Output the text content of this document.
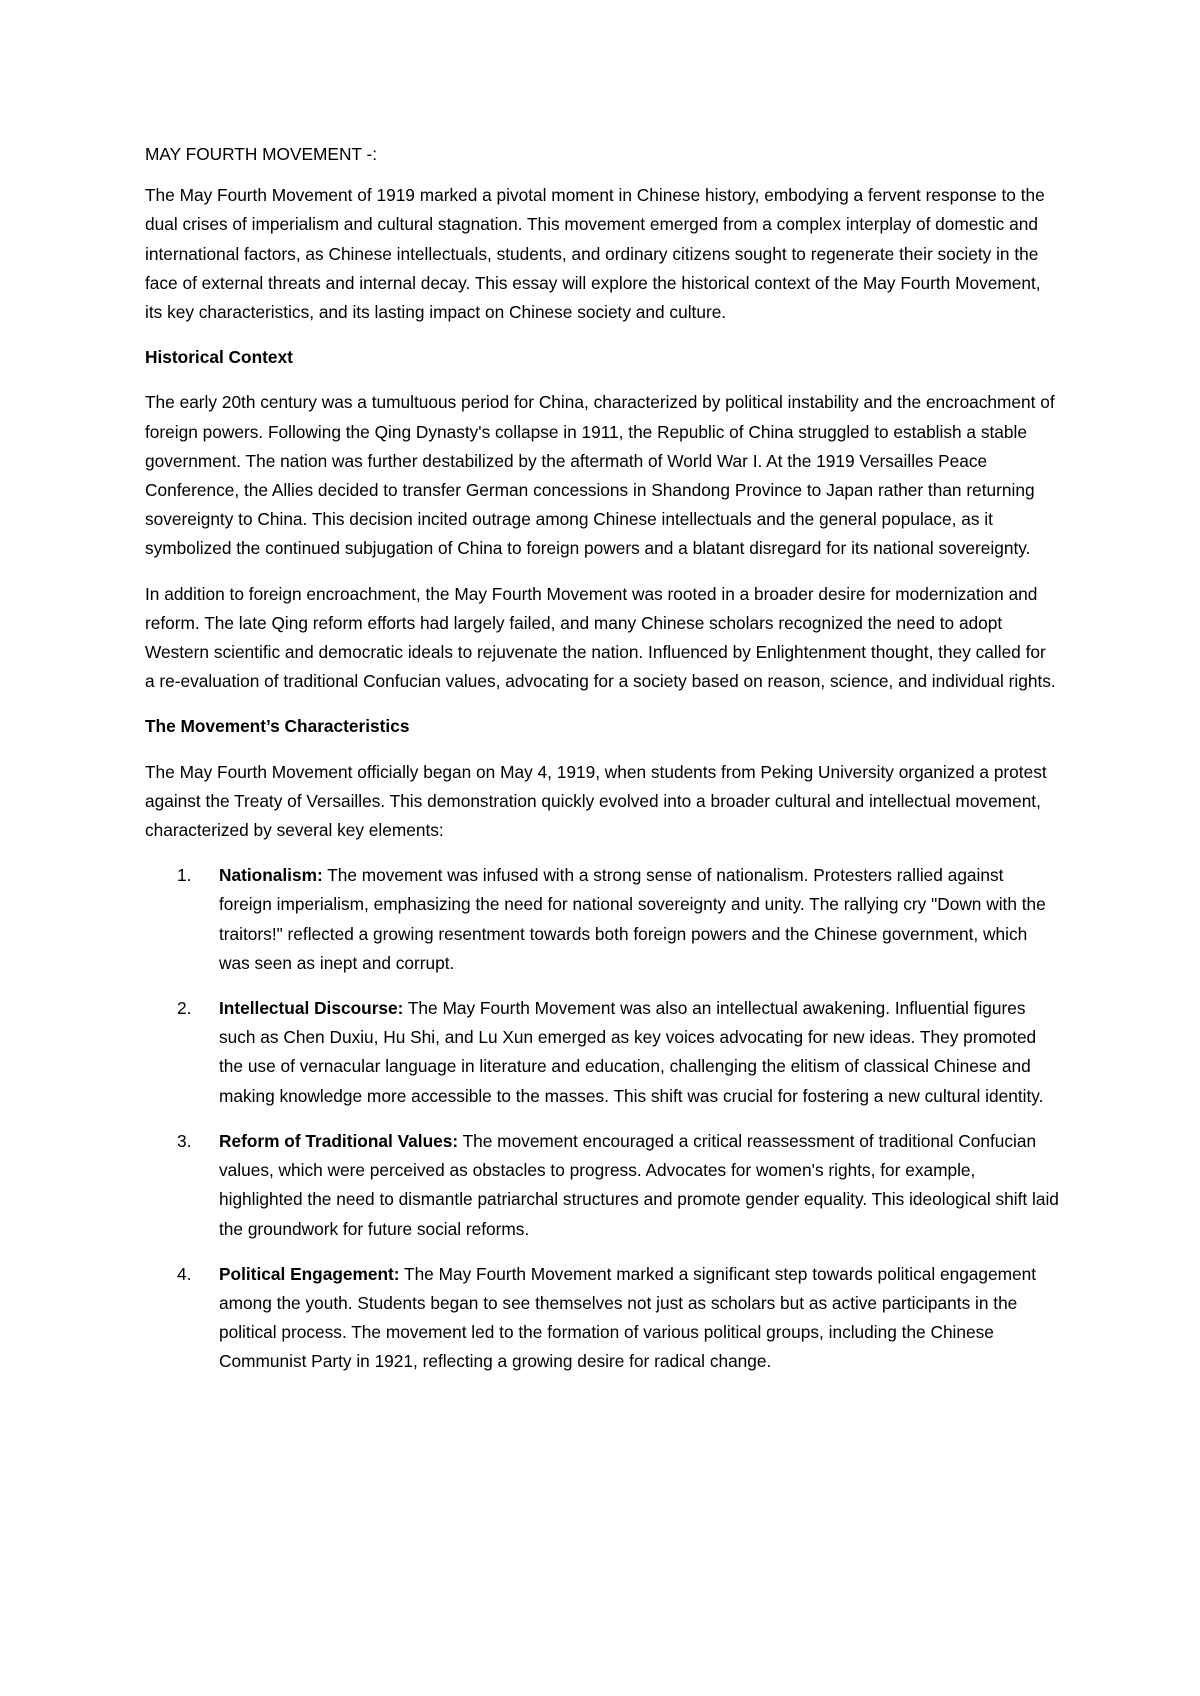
MAY FOURTH MOVEMENT -:

The May Fourth Movement of 1919 marked a pivotal moment in Chinese history, embodying a fervent response to the dual crises of imperialism and cultural stagnation. This movement emerged from a complex interplay of domestic and international factors, as Chinese intellectuals, students, and ordinary citizens sought to regenerate their society in the face of external threats and internal decay. This essay will explore the historical context of the May Fourth Movement, its key characteristics, and its lasting impact on Chinese society and culture.

Historical Context

The early 20th century was a tumultuous period for China, characterized by political instability and the encroachment of foreign powers. Following the Qing Dynasty's collapse in 1911, the Republic of China struggled to establish a stable government. The nation was further destabilized by the aftermath of World War I. At the 1919 Versailles Peace Conference, the Allies decided to transfer German concessions in Shandong Province to Japan rather than returning sovereignty to China. This decision incited outrage among Chinese intellectuals and the general populace, as it symbolized the continued subjugation of China to foreign powers and a blatant disregard for its national sovereignty.

In addition to foreign encroachment, the May Fourth Movement was rooted in a broader desire for modernization and reform. The late Qing reform efforts had largely failed, and many Chinese scholars recognized the need to adopt Western scientific and democratic ideals to rejuvenate the nation. Influenced by Enlightenment thought, they called for a re-evaluation of traditional Confucian values, advocating for a society based on reason, science, and individual rights.

The Movement’s Characteristics

The May Fourth Movement officially began on May 4, 1919, when students from Peking University organized a protest against the Treaty of Versailles. This demonstration quickly evolved into a broader cultural and intellectual movement, characterized by several key elements:

1. Nationalism: The movement was infused with a strong sense of nationalism. Protesters rallied against foreign imperialism, emphasizing the need for national sovereignty and unity. The rallying cry "Down with the traitors!" reflected a growing resentment towards both foreign powers and the Chinese government, which was seen as inept and corrupt.
2. Intellectual Discourse: The May Fourth Movement was also an intellectual awakening. Influential figures such as Chen Duxiu, Hu Shi, and Lu Xun emerged as key voices advocating for new ideas. They promoted the use of vernacular language in literature and education, challenging the elitism of classical Chinese and making knowledge more accessible to the masses. This shift was crucial for fostering a new cultural identity.
3. Reform of Traditional Values: The movement encouraged a critical reassessment of traditional Confucian values, which were perceived as obstacles to progress. Advocates for women's rights, for example, highlighted the need to dismantle patriarchal structures and promote gender equality. This ideological shift laid the groundwork for future social reforms.
4. Political Engagement: The May Fourth Movement marked a significant step towards political engagement among the youth. Students began to see themselves not just as scholars but as active participants in the political process. The movement led to the formation of various political groups, including the Chinese Communist Party in 1921, reflecting a growing desire for radical change.
